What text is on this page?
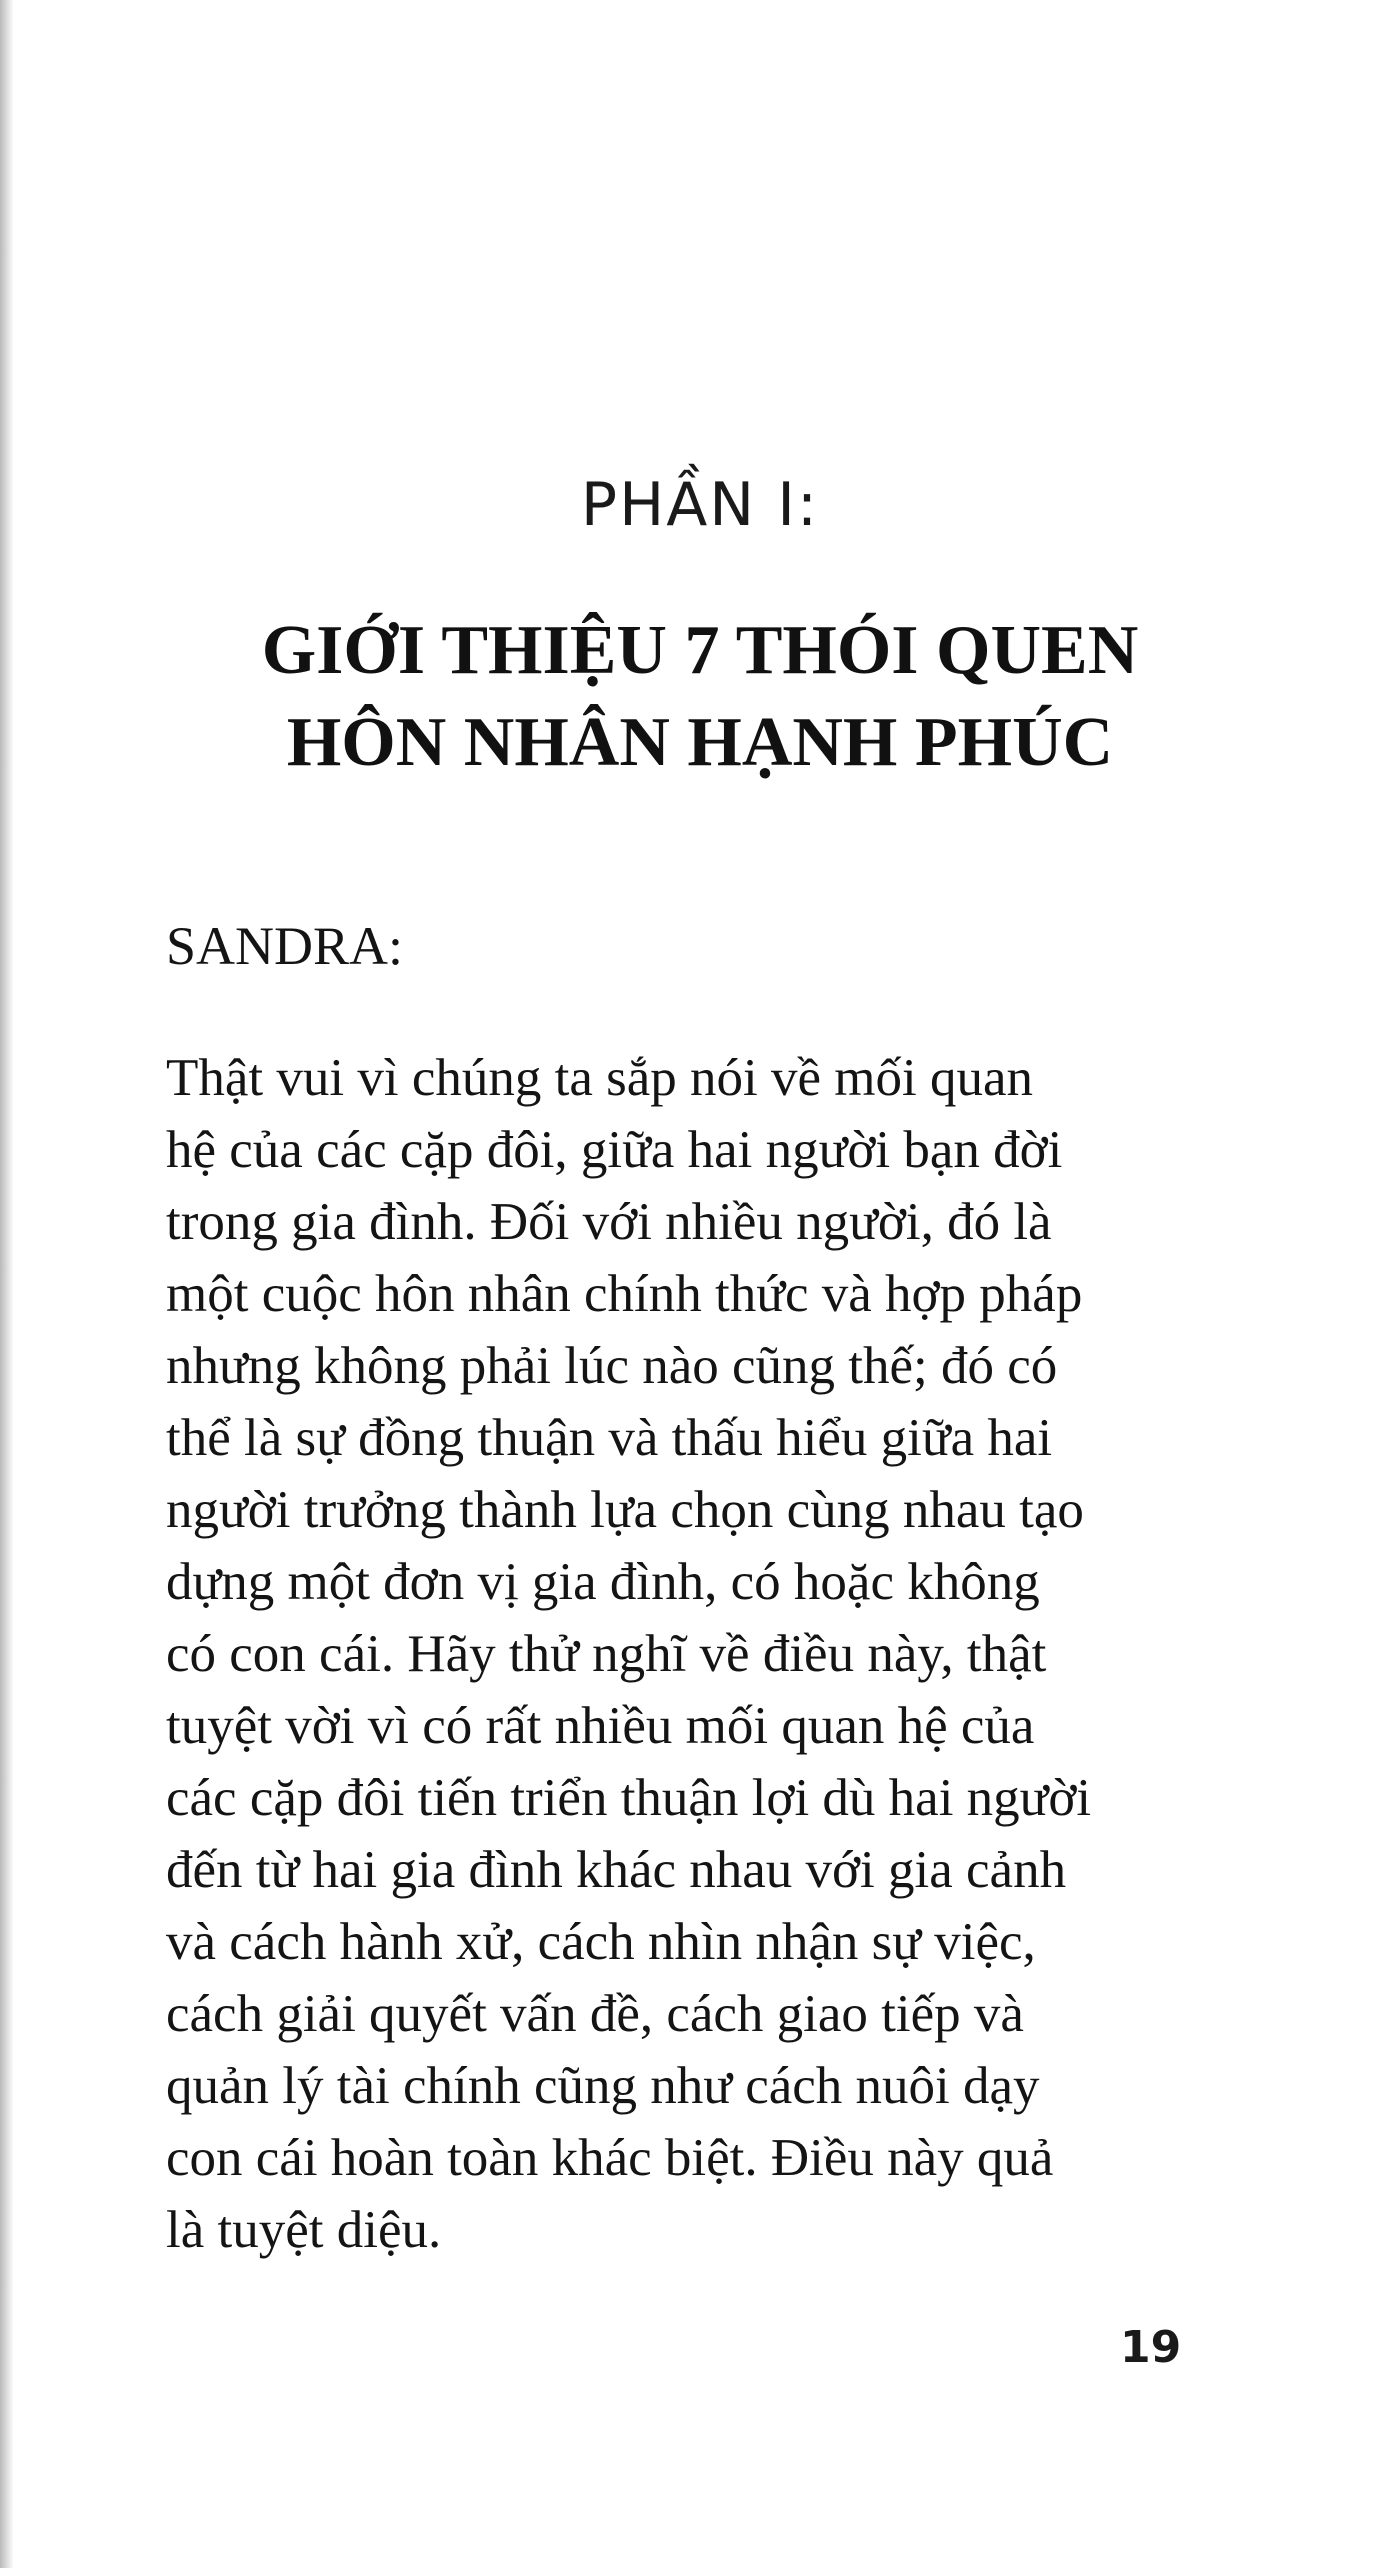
PHẦN I:
GIỚI THIỆU 7 THÓI QUEN
HÔN NHÂN HẠNH PHÚC

SANDRA:

Thật vui vì chúng ta sắp nói về mối quan
hệ của các cặp đôi, giữa hai người bạn đời
trong gia đình. Đối với nhiều người, đó là
một cuộc hôn nhân chính thức và hợp pháp
nhưng không phải lúc nào cũng thế; đó có
thể là sự đồng thuận và thấu hiểu giữa hai
người trưởng thành lựa chọn cùng nhau tạo
dựng một đơn vị gia đình, có hoặc không
có con cái. Hãy thử nghĩ về điều này, thật
tuyệt vời vì có rất nhiều mối quan hệ của
các cặp đôi tiến triển thuận lợi dù hai người
đến từ hai gia đình khác nhau với gia cảnh
và cách hành xử, cách nhìn nhận sự việc,
cách giải quyết vấn đề, cách giao tiếp và
quản lý tài chính cũng như cách nuôi dạy
con cái hoàn toàn khác biệt. Điều này quả
là tuyệt diệu.

19
